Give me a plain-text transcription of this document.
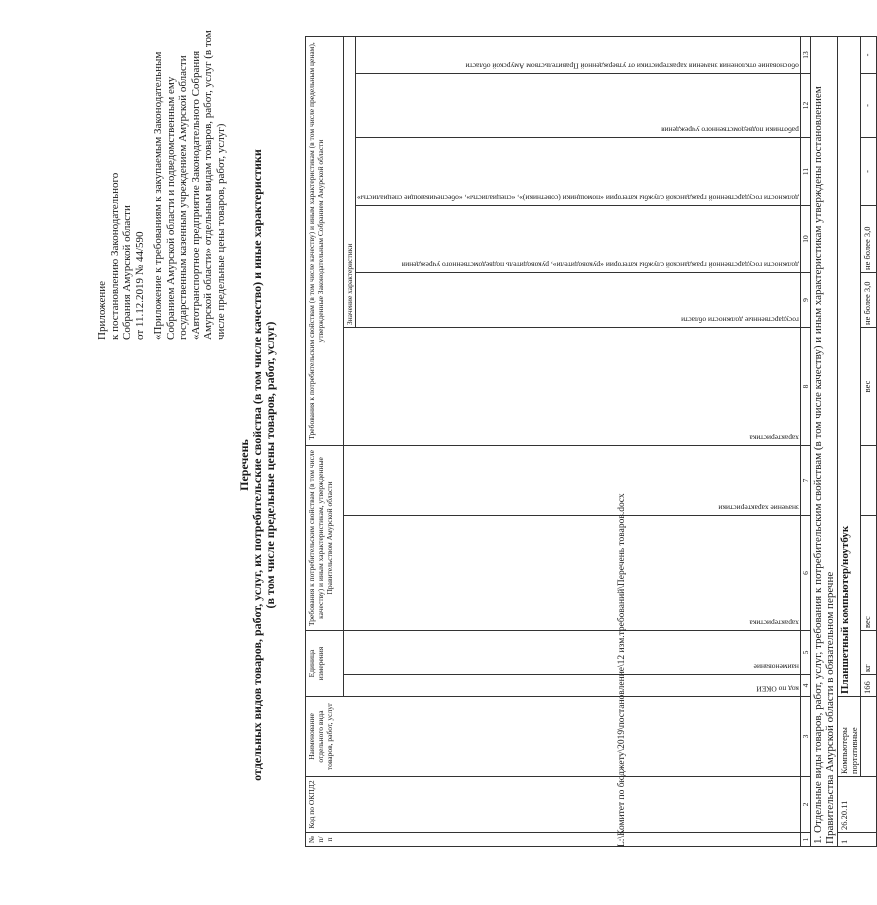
Приложение к постановлению Законодательного Собрания Амурской области от 11.12.2019 № 44/590 «Приложение к требованиям к закупаемым Законодательным Собранием Амурской области и подведомственным ему государственным казенным учреждением Амурской области «Автотранспортное предприятие Законодательного Собрания Амурской области» отдельным видам товаров, работ, услуг (в том числе предельные цены товаров, работ, услуг)

Перечень отдельных видов товаров, работ, услуг, их потребительские свойства (в том числе качество) и иные характеристики (в том числе предельные цены товаров, работ, услуг)

№ п/п	Код по ОКПД2	Наименование отдельного вида товаров, работ, услуг	Единица измерения		Требования к потребительским свойствам (в том числе качеству) и иным характеристикам, утвержденные Правительством Амурской области		Требования к потребительским свойствам (в том числе качеству) и иным характеристикам (в том числе предельным ценам), утвержденные Законодательным Собранием Амурской области					
			код по ОКЕИ	наименование	характеристика	значение характеристики	характеристика	Значение характеристики				
								государственные должности области	должности государственной гражданской службы категории «руководители», руководитель подведомственного учреждения	должности государственной гражданской службы категории «помощники (советники)», «специалисты», «обеспечивающие специалисты»	работники подведомственного учреждения	обоснование отклонения значения характеристики от утвержденной Правительством Амурской области
1	2	3	4	5	6	7	8	9	10	11	12	13
1. Отдельные виды товаров, работ, услуг, требования к потребительским свойствам (в том числе качеству) и иным характеристикам утверждены постановлением Правительства Амурской области в обязательном перечне												
1	26.20.11	Компьютеры портативные	Планшетный компьютер/ноутбук									
			166	кг	вес		вес	не более 3,0	не более 3,0	-	-	-
L:\Комитет по бюджету\2019\постановление\12 изм.требований\Перечень товаров.docx
